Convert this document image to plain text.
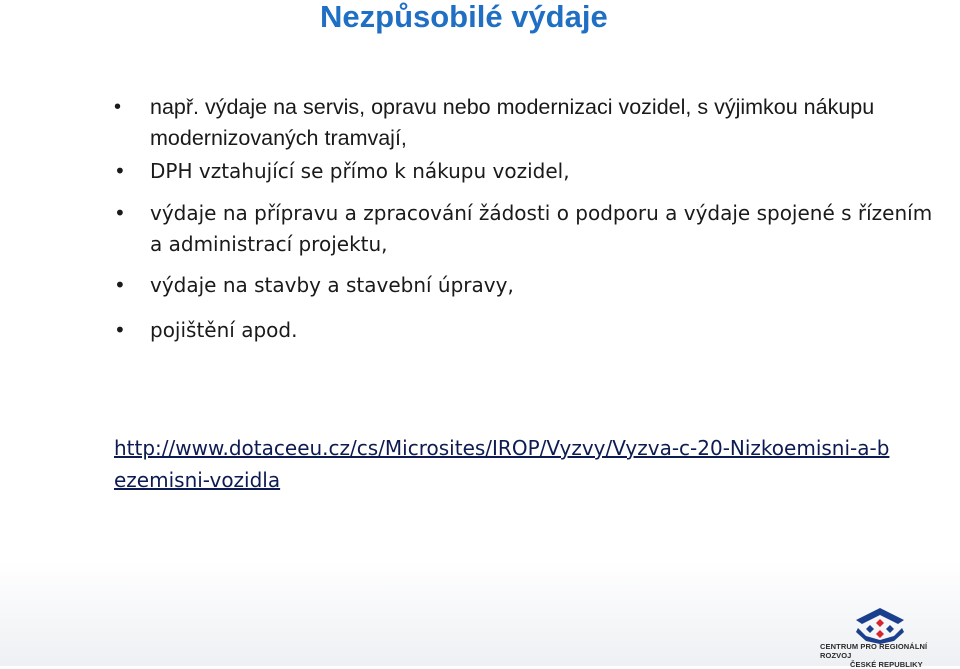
Nezpůsobilé výdaje
• např. výdaje na servis, opravu nebo modernizaci vozidel, s výjimkou nákupu modernizovaných tramvají,
• DPH vztahující se přímo k nákupu vozidel,
• výdaje na přípravu a zpracování žádosti o podporu a výdaje spojené s řízením a administrací projektu,
• výdaje na stavby a stavební úpravy,
• pojištění apod.
http://www.dotaceeu.cz/cs/Microsites/IROP/Vyzvy/Vyzva-c-20-Nizkoemisni-a-bezemisni-vozidla
CENTRUM PRO REGIONÁLNÍ ROZVOJ
ČESKÉ REPUBLIKY
